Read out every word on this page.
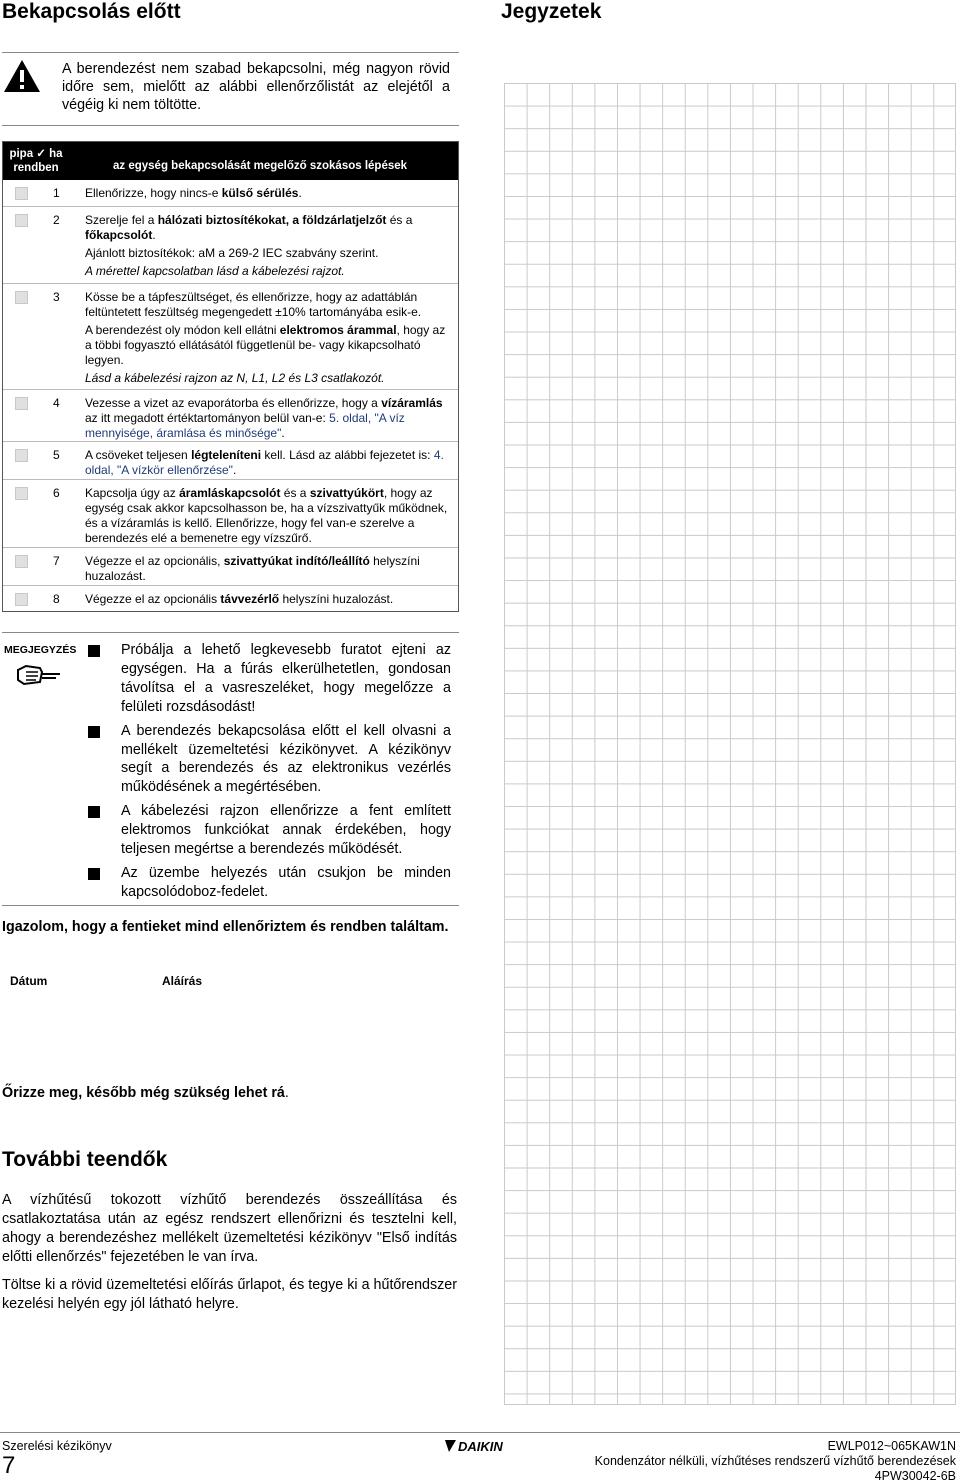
Bekapcsolás előtt	Jegyzetek
A berendezést nem szabad bekapcsolni, még nagyon rövid időre sem, mielőtt az alábbi ellenőrzőlistát az elejétől a végéig ki nem töltötte.
pipa ✓ ha
rendben	az egység bekapcsolását megelőző szokásos lépések
1 Ellenőrizze, hogy nincs-e külső sérülés.

2 Szerelje fel a hálózati biztosítékokat, a földzárlatjelzőt és a főkapcsolót.

Ajánlott biztosítékok: aM a 269-2 IEC szabvány szerint.

A mérettel kapcsolatban lásd a kábelezési rajzot.

3 Kösse be a tápfeszültséget, és ellenőrizze, hogy az adattáblán feltüntetett feszültség megengedett ±10% tartományába esik-e.

A berendezést oly módon kell ellátni elektromos árammal, hogy az a többi fogyasztó ellátásától függetlenül be- vagy kikapcsolható legyen.

Lásd a kábelezési rajzon az N, L1, L2 és L3 csatlakozót.

4 Vezesse a vizet az evaporátorba és ellenőrizze, hogy a vízáramlás az itt megadott értéktartományon belül van-e: 5. oldal, "A víz mennyisége, áramlása és minősége".

5 A csöveket teljesen légteleníteni kell. Lásd az alábbi fejezetet is: 4. oldal, "A vízkör ellenőrzése".

6 Kapcsolja úgy az áramláskapcsolót és a szivattyúkört, hogy az egység csak akkor kapcsolhasson be, ha a vízszivattyűk működnek, és a vízáramlás is kellő. Ellenőrizze, hogy fel van-e szerelve a berendezés elé a bemenetre egy vízszűrő.

7 Végezze el az opcionális, szivattyúkat indító/leállító helyszíni huzalozást.

8 Végezze el az opcionális távvezérlő helyszíni huzalozást.

MEGJEGYZÉS	Próbálja a lehető legkevesebb furatot ejteni az egységen. Ha a fúrás elkerülhetetlen, gondosan távolítsa el a vasreszeléket, hogy megelőzze a felületi rozsdásodást!
A berendezés bekapcsolása előtt el kell olvasni a mellékelt üzemeltetési kézikönyvet. A kézikönyv segít a berendezés és az elektronikus vezérlés működésének a megértésében.
A kábelezési rajzon ellenőrizze a fent említett elektromos funkciókat annak érdekében, hogy teljesen megértse a berendezés működését.
Az üzembe helyezés után csukjon be minden kapcsolódoboz-fedelet.
Igazolom, hogy a fentieket mind ellenőriztem és rendben találtam.
Dátum	Aláírás
Őrizze meg, később még szükség lehet rá.
További teendők
A vízhűtésű tokozott vízhűtő berendezés összeállítása és csatlakoztatása után az egész rendszert ellenőrizni és tesztelni kell, ahogy a berendezéshez mellékelt üzemeltetési kézikönyv "Első indítás előtti ellenőrzés" fejezetében le van írva.
Töltse ki a rövid üzemeltetési előírás űrlapot, és tegye ki a hűtőrendszer kezelési helyén egy jól látható helyre.
Szerelési kézikönyv
7
DAIKIN	EWLP012~065KAW1N
Kondenzátor nélküli, vízhűtéses rendszerű vízhűtő berendezések
4PW30042-6B
